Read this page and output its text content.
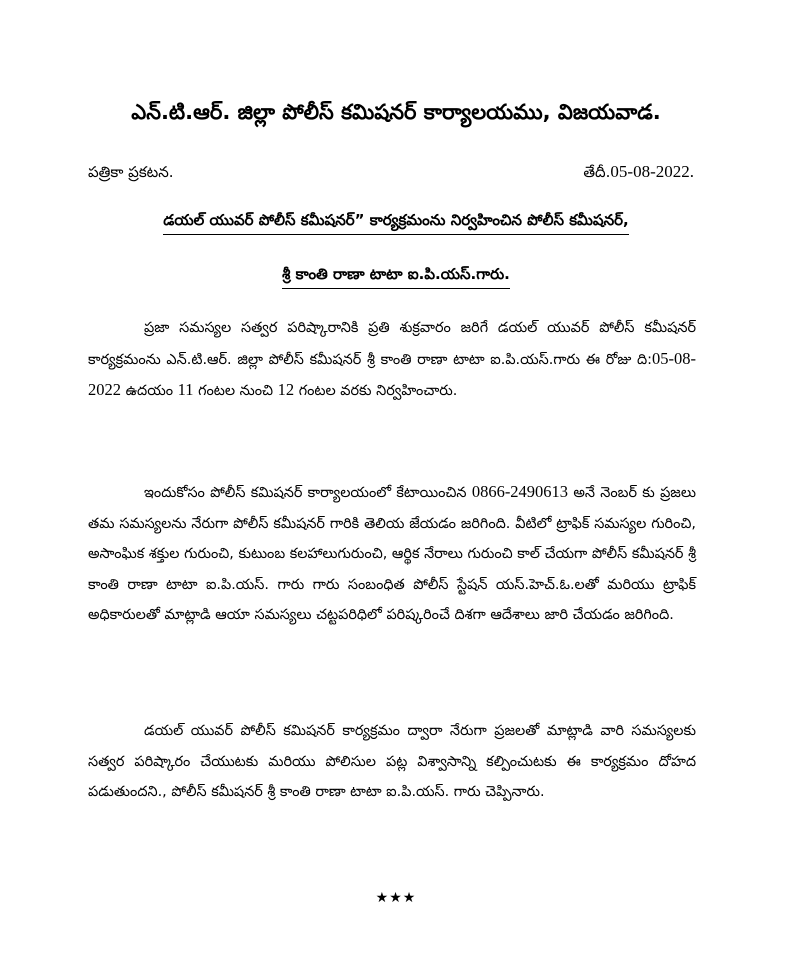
ఎన్.టి.ఆర్. జిల్లా పోలీస్ కమిషనర్ కార్యాలయము, విజయవాడ.
పత్రికా ప్రకటన.	తేదీ.05-08-2022.
డయల్ యువర్ పోలీస్ కమీషనర్” కార్యక్రమంను నిర్వహించిన పోలీస్ కమీషనర్,
శ్రీ కాంతి రాణా టాటా ఐ.పి.యస్.గారు.

ప్రజా సమస్యల సత్వర పరిష్కారానికి ప్రతి శుక్రవారం జరిగే డయల్ యువర్ పోలీస్ కమీషనర్ కార్యక్రమంను ఎన్.టి.ఆర్. జిల్లా పోలీస్ కమీషనర్ శ్రీ కాంతి రాణా టాటా ఐ.పి.యస్.గారు ఈ రోజు ది:05-08-2022 ఉదయం 11 గంటల నుంచి 12 గంటల వరకు నిర్వహించారు.

ఇందుకోసం పోలీస్ కమిషనర్ కార్యాలయంలో కేటాయించిన 0866-2490613 అనే నెంబర్ కు ప్రజలు తమ సమస్యలను నేరుగా పోలీస్ కమీషనర్ గారికి తెలియ జేయడం జరిగింది. వీటిలో ట్రాఫిక్ సమస్యల గురించి, అసాంఘిక శక్తుల గురుంచి, కుటుంబ కలహాలుగురుంచి, ఆర్థిక నేరాలు గురుంచి కాల్ చేయగా పోలీస్ కమీషనర్ శ్రీ కాంతి రాణా టాటా ఐ.పి.యస్. గారు గారు సంబంధిత పోలీస్ స్టేషన్ యస్.హెచ్.ఓ.లతో మరియు ట్రాఫిక్ అధికారులతో మాట్లాడి ఆయా సమస్యలు చట్టపరిధిలో పరిష్కరించే దిశగా ఆదేశాలు జారి చేయడం జరిగింది.

డయల్ యువర్ పోలీస్ కమిషనర్ కార్యక్రమం ద్వారా నేరుగా ప్రజలతో మాట్లాడి వారి సమస్యలకు సత్వర పరిష్కారం చేయుటకు మరియు పోలిసుల పట్ల విశ్వాసాన్ని కల్పించుటకు ఈ కార్యక్రమం దోహద పడుతుందని., పోలీస్ కమీషనర్ శ్రీ కాంతి రాణా టాటా ఐ.పి.యస్. గారు చెప్పినారు.

★★★
